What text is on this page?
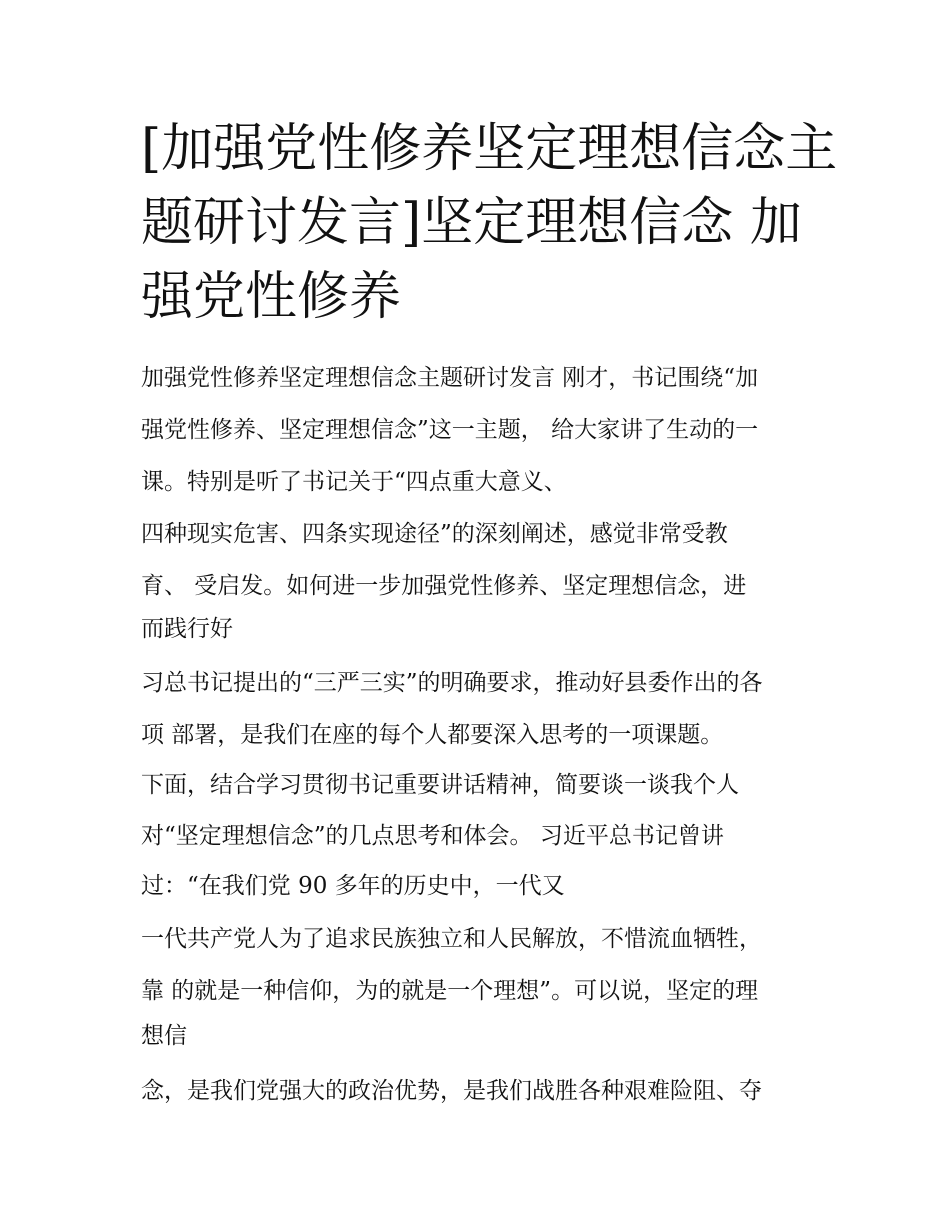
[加强党性修养坚定理想信念主
题研讨发言]坚定理想信念 加
强党性修养
加强党性修养坚定理想信念主题研讨发言 刚才，书记围绕“加
强党性修养、坚定理想信念”这一主题， 给大家讲了生动的一
课。特别是听了书记关于“四点重大意义、
四种现实危害、四条实现途径”的深刻阐述，感觉非常受教
育、 受启发。如何进一步加强党性修养、坚定理想信念，进
而践行好
习总书记提出的“三严三实”的明确要求，推动好县委作出的各
项 部署，是我们在座的每个人都要深入思考的一项课题。
下面，结合学习贯彻书记重要讲话精神，简要谈一谈我个人
对“坚定理想信念”的几点思考和体会。 习近平总书记曾讲
过：“在我们党 90 多年的历史中，一代又
一代共产党人为了追求民族独立和人民解放，不惜流血牺牲，
靠 的就是一种信仰，为的就是一个理想”。可以说，坚定的理
想信
念，是我们党强大的政治优势，是我们战胜各种艰难险阻、夺
